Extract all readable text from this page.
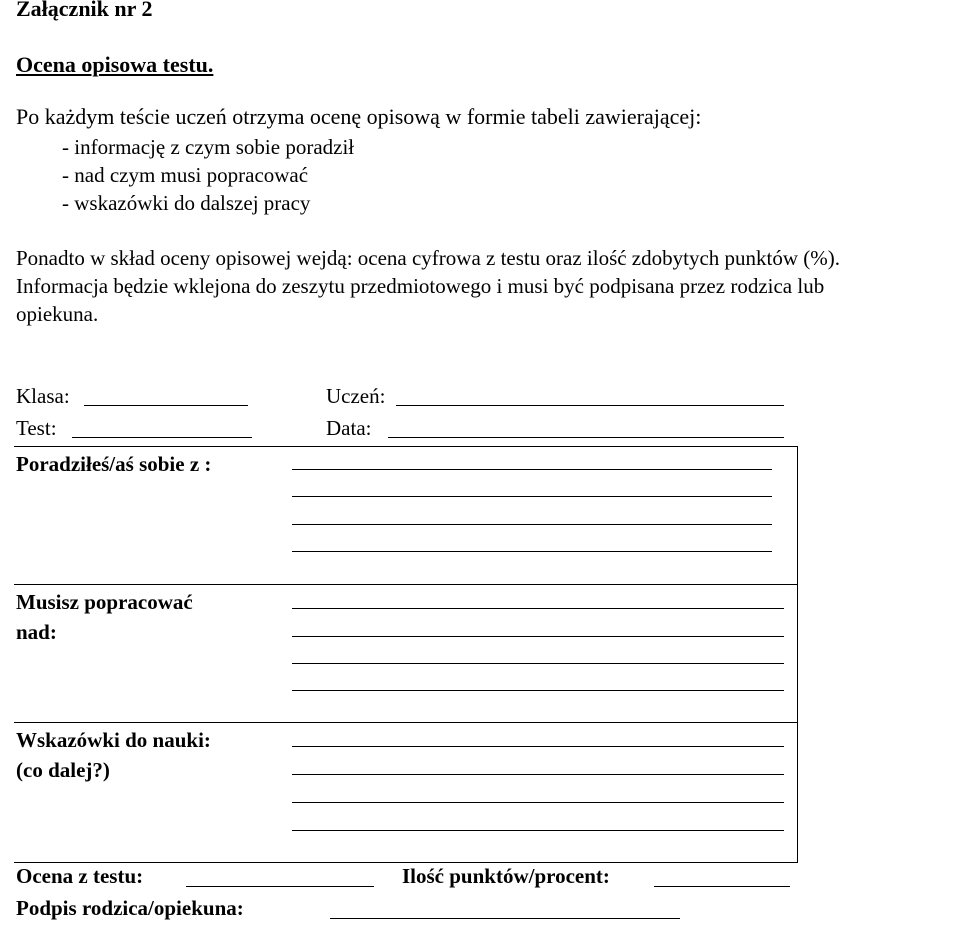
Załącznik nr 2
Ocena opisowa testu.
Po każdym teście uczeń otrzyma ocenę opisową w formie tabeli zawierającej:
- informację z czym sobie poradził
- nad czym musi popracować
- wskazówki do dalszej pracy
Ponadto w skład oceny opisowej wejdą: ocena cyfrowa z testu oraz ilość zdobytych punktów (%).
Informacja będzie wklejona do zeszytu przedmiotowego i musi być podpisana przez rodzica lub
opiekuna.
Klasa:	Uczeń:
Test:	Data:
Poradziłeś/aś sobie z :
Musisz popracować
nad:
Wskazówki do nauki:
(co dalej?)
Ocena z testu:	Ilość punktów/procent:
Podpis rodzica/opiekuna:
